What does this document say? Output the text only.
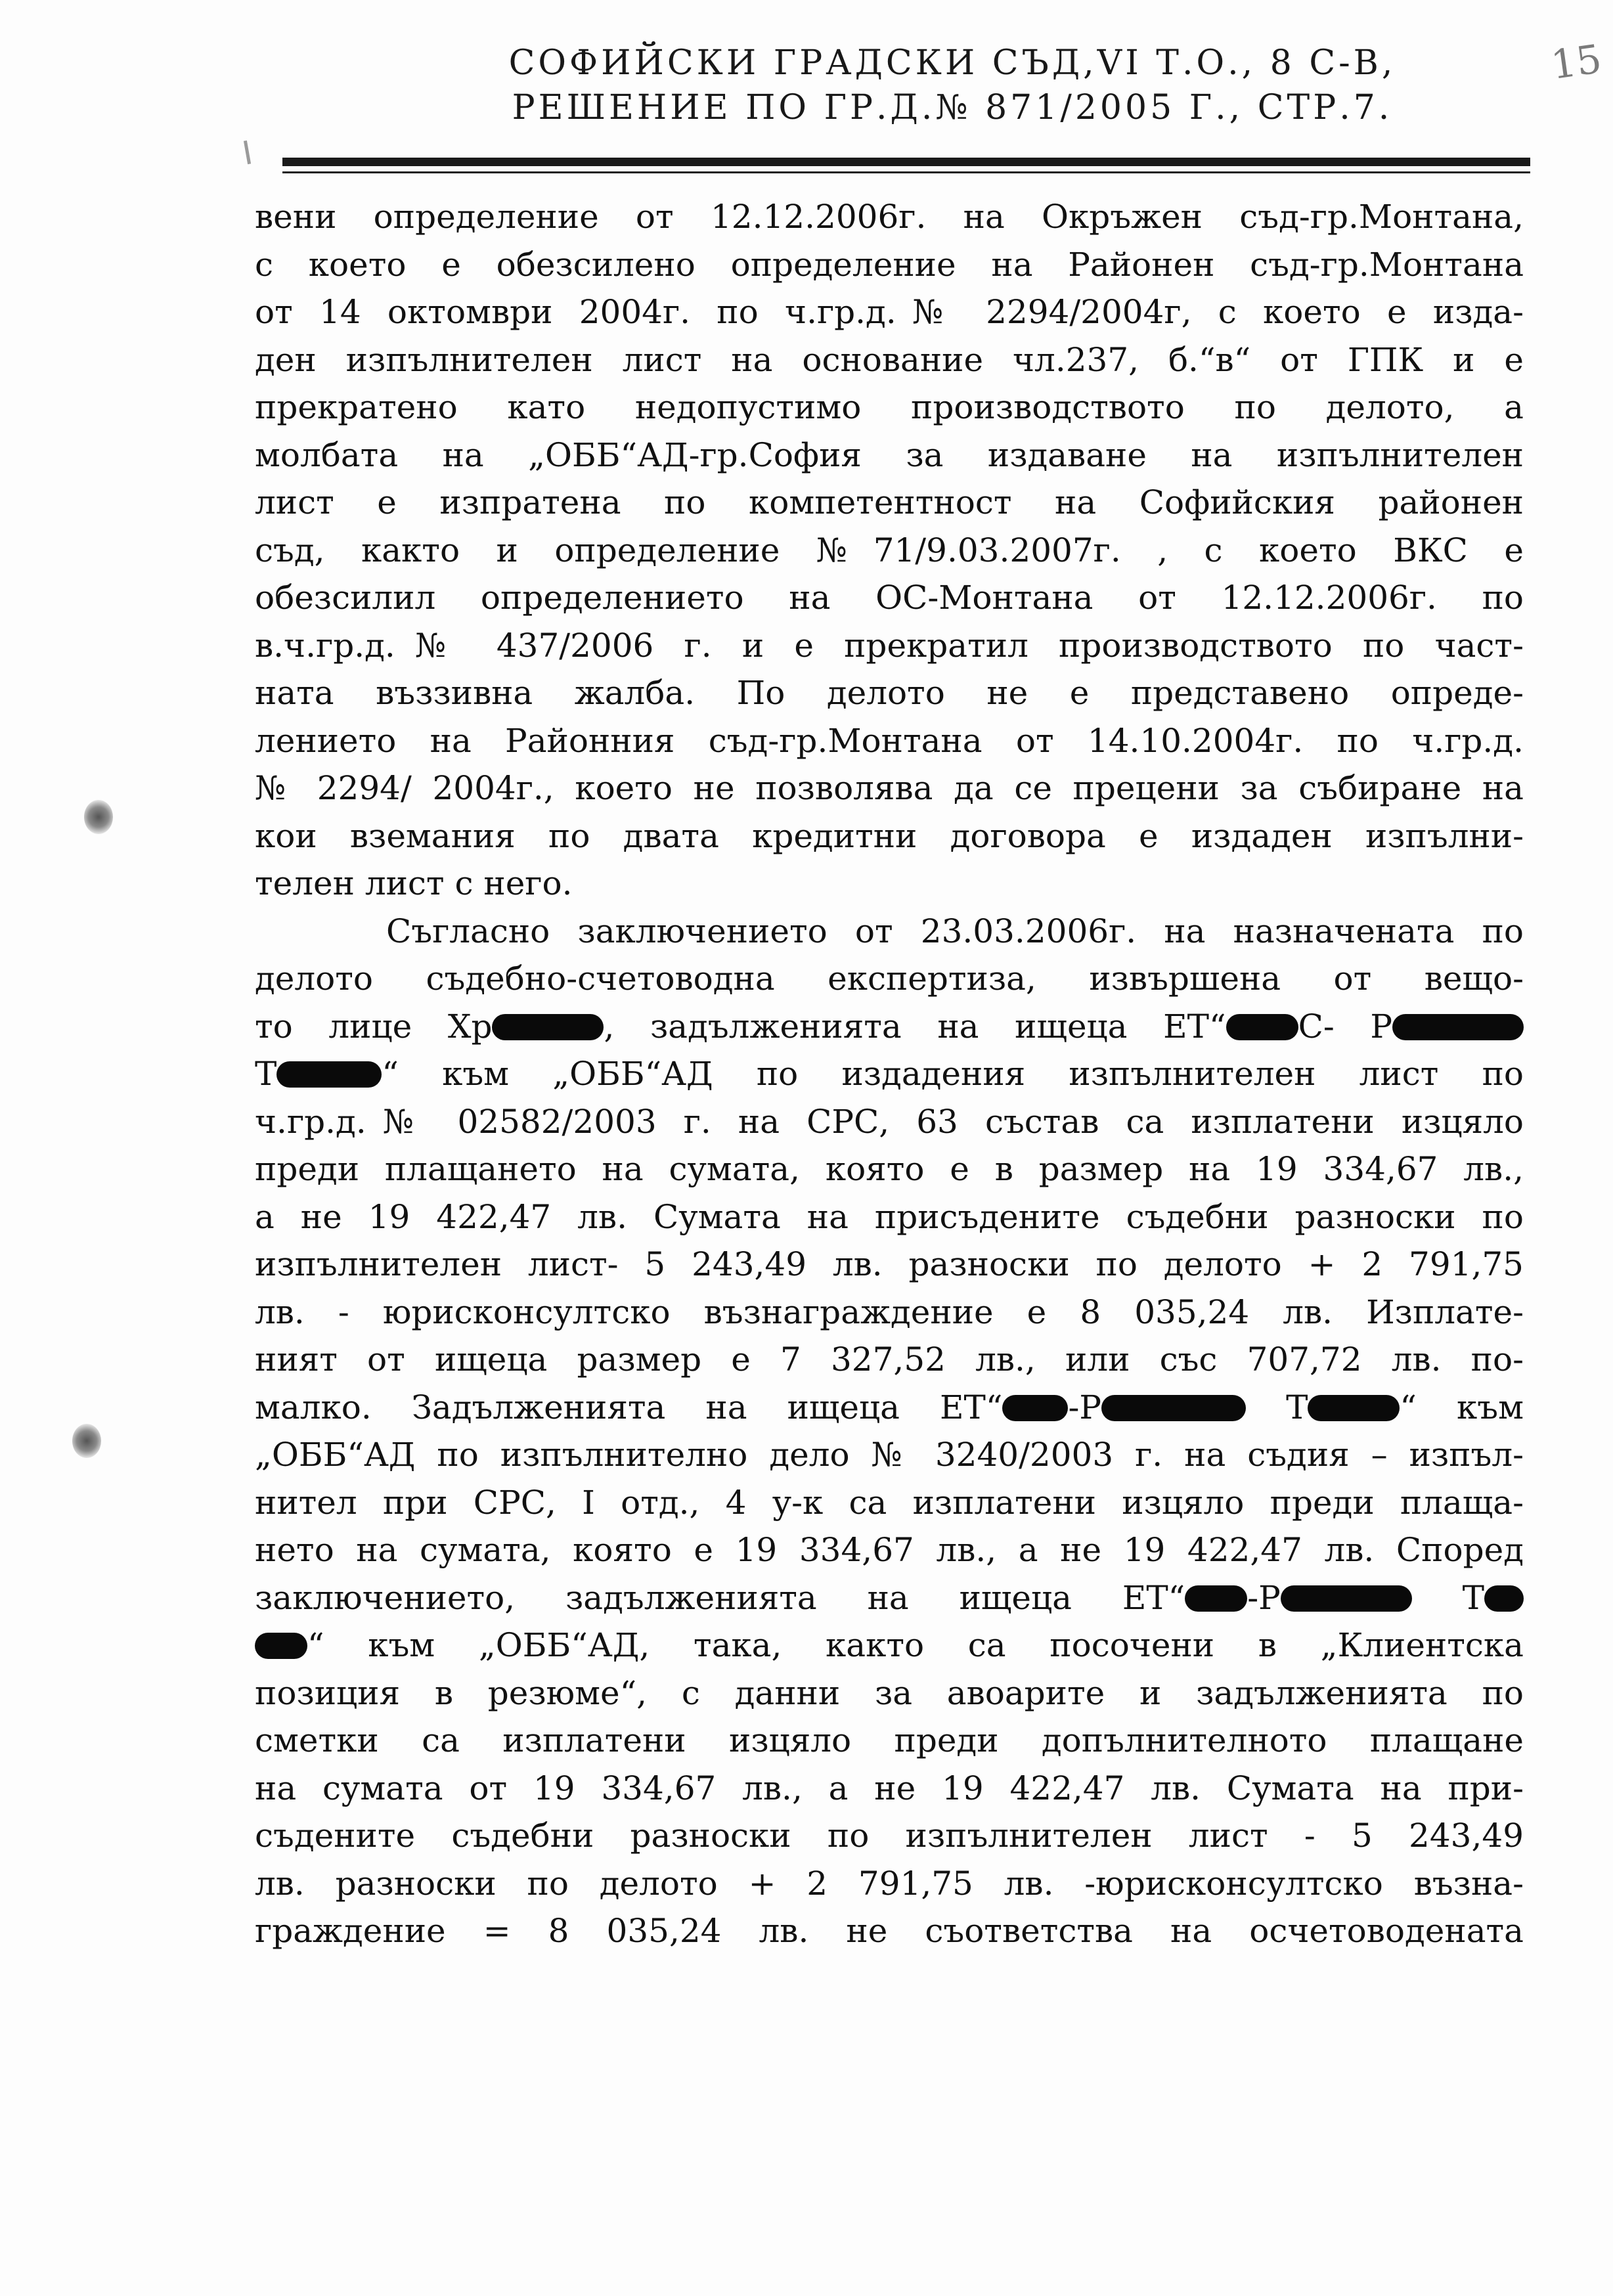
СОФИЙСКИ ГРАДСКИ СЪД,VI Т.О., 8 С-В,
РЕШЕНИЕ ПО ГР.Д.№ 871/2005 Г., СТР.7.
15
вени определение от 12.12.2006г. на Окръжен съд-гр.Монтана,
с което е обезсилено определение на Районен съд-гр.Монтана
от 14 октомври 2004г. по ч.гр.д.№ 2294/2004г, с което е изда-
ден изпълнителен лист на основание чл.237, б.“в“ от ГПК и е
прекратено като недопустимо производството по делото, а
молбата на „ОББ“АД-гр.София за издаване на изпълнителен
лист е изпратена по компетентност на Софийския районен
съд, както и определение №71/9.03.2007г. , с което ВКС е
обезсилил определението на ОС-Монтана от 12.12.2006г. по
в.ч.гр.д.№ 437/2006 г. и е прекратил производството по част-
ната въззивна жалба. По делото не е представено опреде-
лението на Районния съд-гр.Монтана от 14.10.2004г. по ч.гр.д.
№ 2294/ 2004г., което не позволява да се прецени за събиране на
кои вземания по двата кредитни договора е издаден изпълни-
телен лист с него.
Съгласно заключението от 23.03.2006г. на назначената по
делото съдебно-счетоводна експертиза, извършена от вещо-
то лице Хр	, задълженията на ищеца ЕТ“ С- Р
Т	“ към „ОББ“АД по издадения изпълнителен лист по
ч.гр.д.№ 02582/2003 г. на СРС, 63 състав са изплатени изцяло
преди плащането на сумата, която е в размер на 19 334,67 лв.,
а не 19 422,47 лв. Сумата на присъдените съдебни разноски по
изпълнителен лист- 5 243,49 лв. разноски по делото + 2 791,75
лв. - юрисконсултско възнаграждение е 8 035,24 лв. Изплате-
ният от ищеца размер е 7 327,52 лв., или със 707,72 лв. по-
малко. Задълженията на ищеца ЕТ“ -Р	Т	“ към
„ОББ“АД по изпълнително дело № 3240/2003 г. на съдия – изпъл-
нител при СРС, I отд., 4 у-к са изплатени изцяло преди плаща-
нето на сумата, която е 19 334,67 лв., а не 19 422,47 лв. Според
заключението, задълженията на ищеца ЕТ“ -Р	Т
“ към „ОББ“АД, така, както са посочени в „Клиентска
позиция в резюме“, с данни за авоарите и задълженията по
сметки са изплатени изцяло преди допълнителното плащане
на сумата от 19 334,67 лв., а не 19 422,47 лв. Сумата на при-
съдените съдебни разноски по изпълнителен лист - 5 243,49
лв. разноски по делото + 2 791,75 лв. -юрисконсултско възна-
граждение = 8 035,24 лв. не съответства на осчетоводената
